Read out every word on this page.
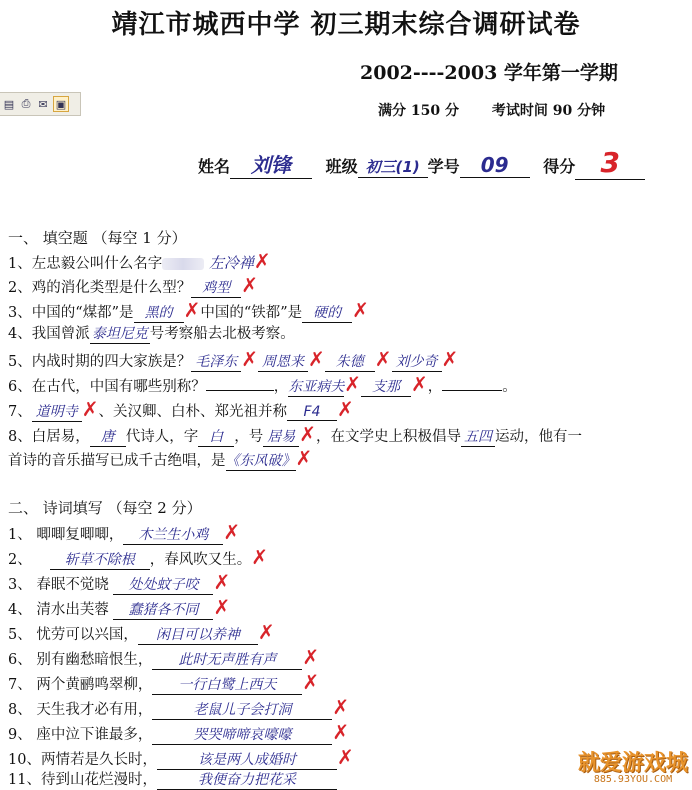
靖江市城西中学 初三期末综合调研试卷
2002----2003 学年第一学期
▤ ⎙ ✉ ▣	满分 150 分 考试时间 90 分钟
姓名 刘锋 班级 初三(1) 学号 09 得分 3
一、 填空题 （每空 1 分）
1、左忠毅公叫什么名字	左冷禅✗
2、鸡的消化类型是什么型？ 鸡型 ✗
3、中国的“煤都”是 黑的 ✗中国的“铁都”是 硬的 ✗
4、我国曾派 泰坦尼克 号考察船去北极考察。
5、内战时期的四大家族是？ 毛泽东 ✗ 周恩来 ✗ 朱德 ✗ 刘少奇 ✗
6、在古代，中国有哪些别称？	，东亚病夫✗ 支那 ✗，	。
7、 道明寺 ✗、关汉卿、白朴、郑光祖并称 F4 ✗
8、白居易， 唐 代诗人，字 白 ，号 居易 ✗，在文学史上积极倡导 五四 运动，他有一
首诗的音乐描写已成千古绝唱，是《东风破》✗
二、 诗词填写 （每空 2 分）
1、 唧唧复唧唧， 木兰生小鸡 ✗
2、 斩草不除根 ，春风吹又生。✗
3、 春眠不觉晓 处处蚊子咬 ✗
4、 清水出芙蓉 蠢猪各不同 ✗
5、 忧劳可以兴国， 闲目可以养神 ✗
6、 别有幽愁暗恨生， 此时无声胜有声 ✗
7、 两个黄鹂鸣翠柳， 一行白鹭上西天 ✗
8、 天生我才必有用，	老鼠儿子会打洞 ✗
9、 座中泣下谁最多，	哭哭啼啼哀嚎嚎 ✗
10、两情若是久长时，	该是两人成婚时 ✗
11、待到山花烂漫时，	我便奋力把花采
就爱游戏城
885.93YOU.COM
